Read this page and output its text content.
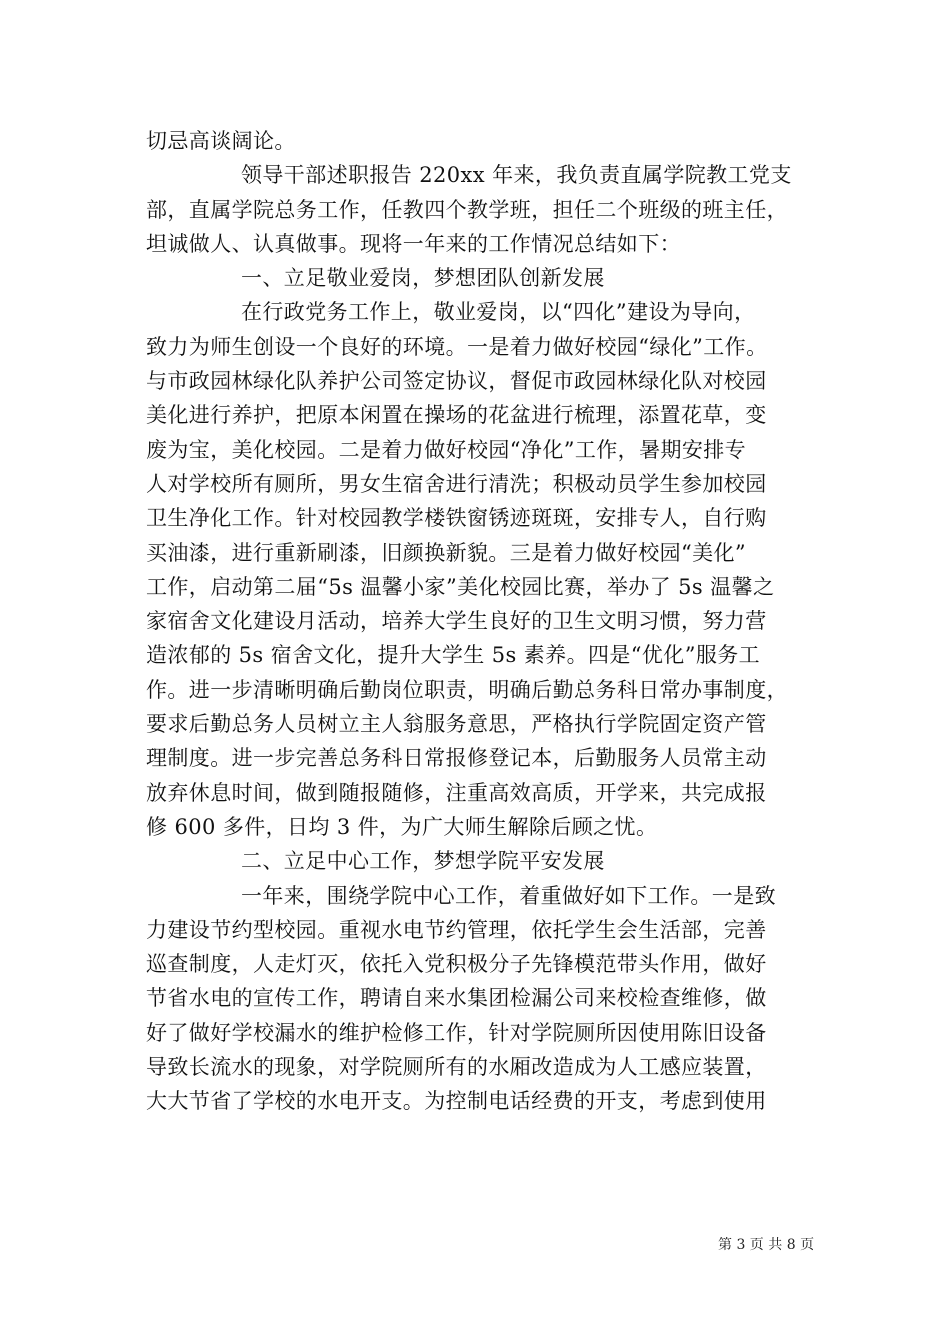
切忌高谈阔论。
领导干部述职报告 220xx 年来，我负责直属学院教工党支
部，直属学院总务工作，任教四个教学班，担任二个班级的班主任，
坦诚做人、认真做事。现将一年来的工作情况总结如下：
一、立足敬业爱岗，梦想团队创新发展
在行政党务工作上，敬业爱岗，以“四化”建设为导向，
致力为师生创设一个良好的环境。一是着力做好校园“绿化”工作。
与市政园林绿化队养护公司签定协议，督促市政园林绿化队对校园
美化进行养护，把原本闲置在操场的花盆进行梳理，添置花草，变
废为宝，美化校园。二是着力做好校园“净化”工作，暑期安排专
人对学校所有厕所，男女生宿舍进行清洗；积极动员学生参加校园
卫生净化工作。针对校园教学楼铁窗锈迹斑斑，安排专人，自行购
买油漆，进行重新刷漆，旧颜换新貌。三是着力做好校园“美化”
工作，启动第二届“5s 温馨小家”美化校园比赛，举办了 5s 温馨之
家宿舍文化建设月活动，培养大学生良好的卫生文明习惯，努力营
造浓郁的 5s 宿舍文化，提升大学生 5s 素养。四是“优化”服务工
作。进一步清晰明确后勤岗位职责，明确后勤总务科日常办事制度，
要求后勤总务人员树立主人翁服务意思，严格执行学院固定资产管
理制度。进一步完善总务科日常报修登记本，后勤服务人员常主动
放弃休息时间，做到随报随修，注重高效高质，开学来，共完成报
修 600 多件，日均 3 件，为广大师生解除后顾之忧。
二、立足中心工作，梦想学院平安发展
一年来，围绕学院中心工作，着重做好如下工作。一是致
力建设节约型校园。重视水电节约管理，依托学生会生活部，完善
巡查制度，人走灯灭，依托入党积极分子先锋模范带头作用，做好
节省水电的宣传工作，聘请自来水集团检漏公司来校检查维修，做
好了做好学校漏水的维护检修工作，针对学院厕所因使用陈旧设备
导致长流水的现象，对学院厕所有的水厢改造成为人工感应装置，
大大节省了学校的水电开支。为控制电话经费的开支，考虑到使用
第 3 页 共 8 页
